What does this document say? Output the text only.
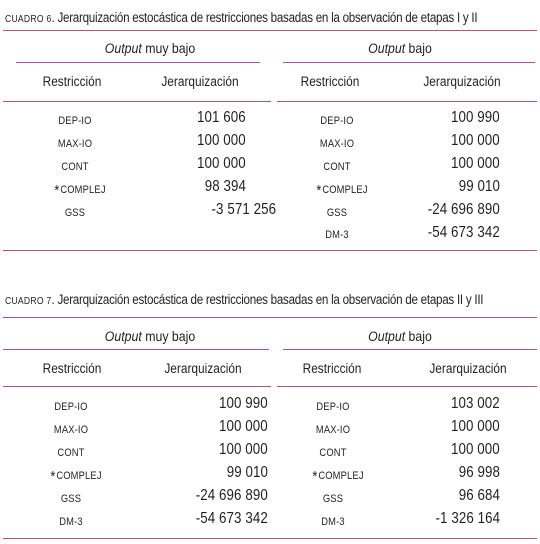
CUADRO 6. Jerarquización estocástica de restricciones basadas en la observación de etapas I y II
Output muy bajo
Restricción	Jerarquización
Output bajo
Restricción	Jerarquización
DEP-IO	101 606
MAX-IO	100 000
CONT	100 000
*COMPLEJ	98 394
GSS	-3 571 256
DEP-IO	100 990
MAX-IO	100 000
CONT	100 000
*COMPLEJ	99 010
GSS	-24 696 890
DM-3	-54 673 342
CUADRO 7. Jerarquización estocástica de restricciones basadas en la observación de etapas II y III
Output muy bajo
Restricción	Jerarquización
Output bajo
Restricción	Jerarquización
DEP-IO	100 990
MAX-IO	100 000
CONT	100 000
*COMPLEJ	99 010
GSS	-24 696 890
DM-3	-54 673 342
DEP-IO	103 002
MAX-IO	100 000
CONT	100 000
*COMPLEJ	96 998
GSS	96 684
DM-3	-1 326 164
